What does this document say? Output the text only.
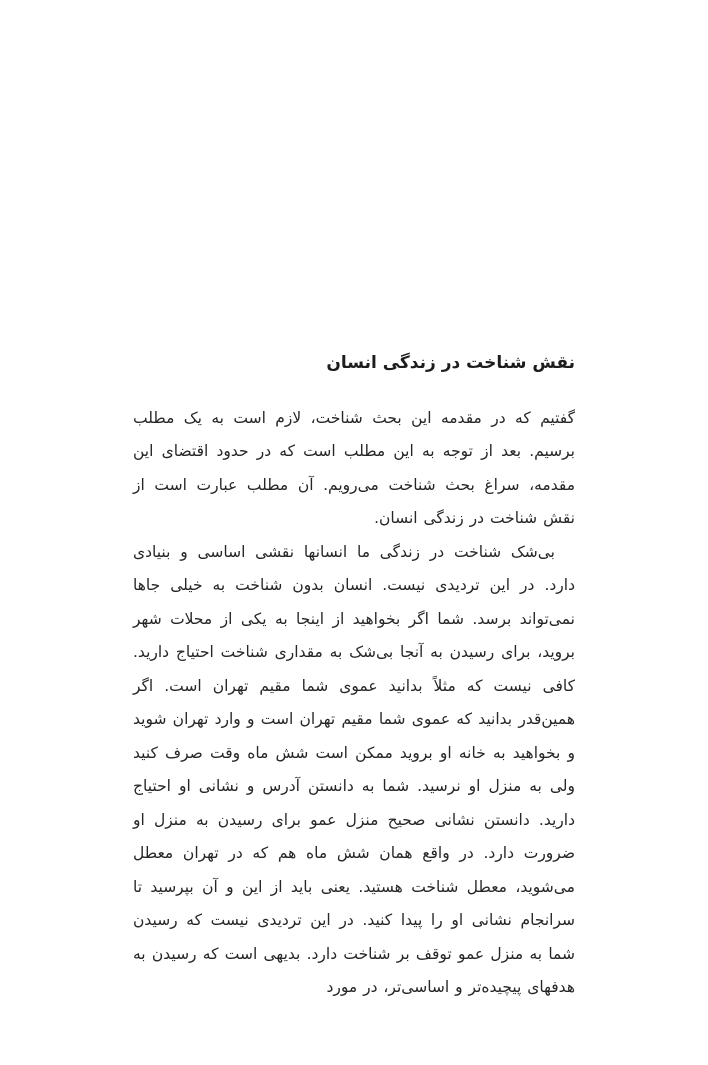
نقش شناخت در زندگی انسان

گفتیم که در مقدمه این بحث شناخت، لازم است به یک مطلب برسیم. بعد از توجه به این مطلب است که در حدود اقتضای این مقدمه، سراغ بحث شناخت می‌رویم. آن مطلب عبارت است از نقش شناخت در زندگی انسان.

بی‌شک شناخت در زندگی ما انسانها نقشی اساسی و بنیادی دارد. در این تردیدی نیست. انسان بدون شناخت به خیلی جاها نمی‌تواند برسد. شما اگر بخواهید از اینجا به یکی از محلات شهر بروید، برای رسیدن به آنجا بی‌شک به مقداری شناخت احتیاج دارید. کافی نیست که مثلاً بدانید عموی شما مقیم تهران است. اگر همین‌قدر بدانید که عموی شما مقیم تهران است و وارد تهران شوید و بخواهید به خانه او بروید ممکن است شش ماه وقت صرف کنید ولی به منزل او نرسید. شما به دانستن آدرس و نشانی او احتیاج دارید. دانستن نشانی صحیح منزل عمو برای رسیدن به منزل او ضرورت دارد. در واقع همان شش ماه هم که در تهران معطل می‌شوید، معطل شناخت هستید. یعنی باید از این و آن بپرسید تا سرانجام نشانی او را پیدا کنید. در این تردیدی نیست که رسیدن شما به منزل عمو توقف بر شناخت دارد. بدیهی است که رسیدن به هدفهای پیچیده‌تر و اساسی‌تر، در مورد
